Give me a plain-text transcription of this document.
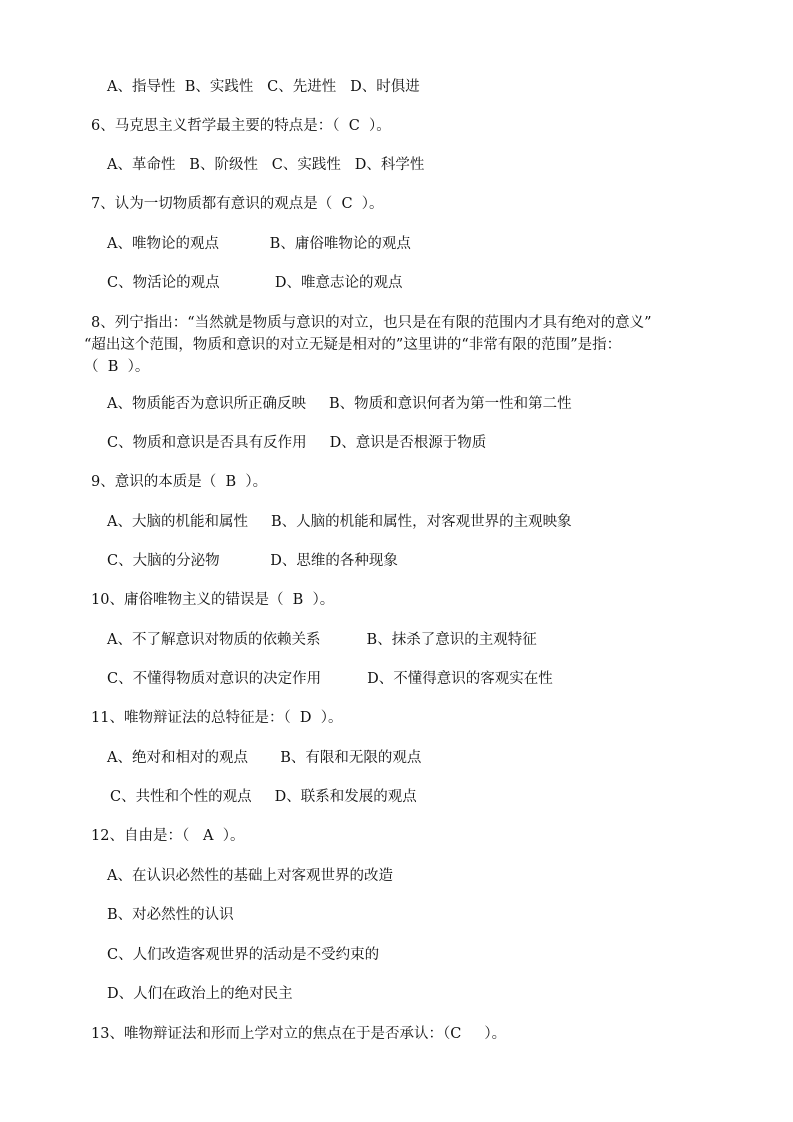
A、指导性  B、实践性   C、先进性   D、时俱进

6、马克思主义哲学最主要的特点是：（  C  ）。

A、革命性   B、阶级性   C、实践性   D、科学性

7、认为一切物质都有意识的观点是（  C  ）。

A、唯物论的观点           B、庸俗唯物论的观点

C、物活论的观点            D、唯意志论的观点

8、列宁指出：“当然就是物质与意识的对立，也只是在有限的范围内才具有绝对的意义”

“超出这个范围，物质和意识的对立无疑是相对的”这里讲的“非常有限的范围”是指：

（  B  ）。

A、物质能否为意识所正确反映     B、物质和意识何者为第一性和第二性

C、物质和意识是否具有反作用     D、意识是否根源于物质

9、意识的本质是（  B  ）。

A、大脑的机能和属性     B、人脑的机能和属性，对客观世界的主观映象

C、大脑的分泌物           D、思维的各种现象

10、庸俗唯物主义的错误是（  B  ）。

A、不了解意识对物质的依赖关系          B、抹杀了意识的主观特征

C、不懂得物质对意识的决定作用          D、不懂得意识的客观实在性

11、唯物辩证法的总特征是：（  D  ）。

A、绝对和相对的观点       B、有限和无限的观点

C、共性和个性的观点     D、联系和发展的观点

12、自由是：（   A  ）。

A、在认识必然性的基础上对客观世界的改造

B、对必然性的认识

C、人们改造客观世界的活动是不受约束的

D、人们在政治上的绝对民主

13、唯物辩证法和形而上学对立的焦点在于是否承认：（C     ）。
